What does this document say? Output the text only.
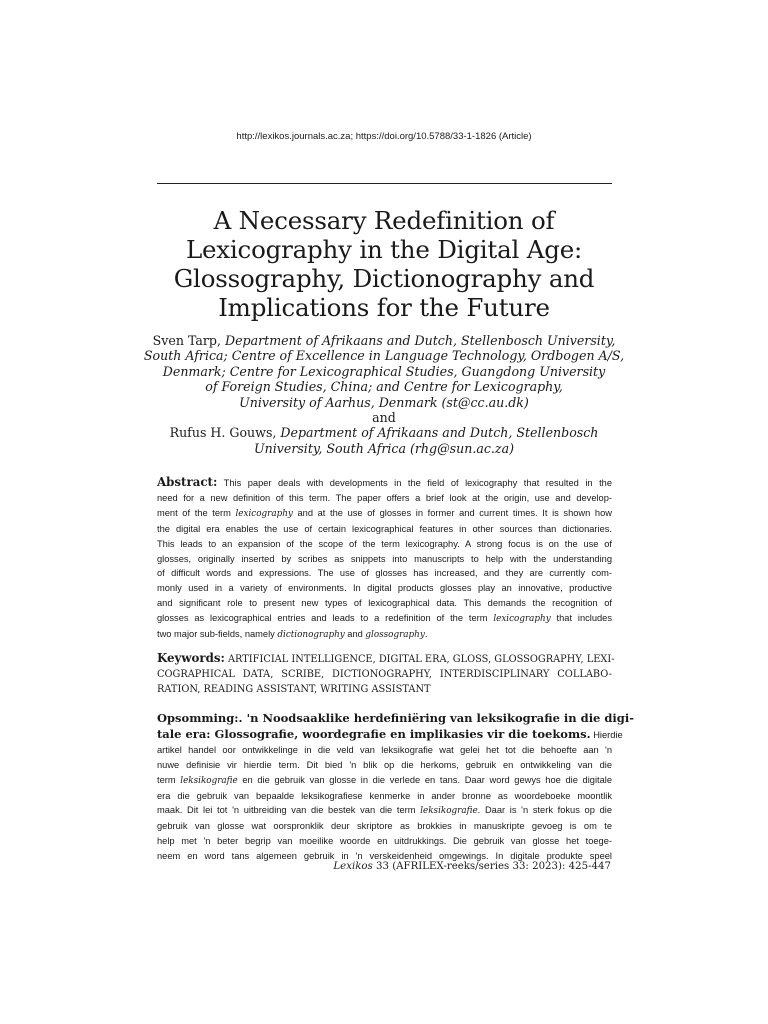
http://lexikos.journals.ac.za; https://doi.org/10.5788/33-1-1826 (Article)
A Necessary Redefinition of
Lexicography in the Digital Age:
Glossography, Dictionography and
Implications for the Future
Sven Tarp, Department of Afrikaans and Dutch, Stellenbosch University,
South Africa; Centre of Excellence in Language Technology, Ordbogen A/S,
Denmark; Centre for Lexicographical Studies, Guangdong University
of Foreign Studies, China; and Centre for Lexicography,
University of Aarhus, Denmark (st@cc.au.dk)
and
Rufus H. Gouws, Department of Afrikaans and Dutch, Stellenbosch
University, South Africa (rhg@sun.ac.za)
Abstract: This paper deals with developments in the field of lexicography that resulted in the
need for a new definition of this term. The paper offers a brief look at the origin, use and develop-
ment of the term lexicography and at the use of glosses in former and current times. It is shown how
the digital era enables the use of certain lexicographical features in other sources than dictionaries.
This leads to an expansion of the scope of the term lexicography. A strong focus is on the use of
glosses, originally inserted by scribes as snippets into manuscripts to help with the understanding
of difficult words and expressions. The use of glosses has increased, and they are currently com-
monly used in a variety of environments. In digital products glosses play an innovative, productive
and significant role to present new types of lexicographical data. This demands the recognition of
glosses as lexicographical entries and leads to a redefinition of the term lexicography that includes
two major sub-fields, namely dictionography and glossography.
Keywords: ARTIFICIAL INTELLIGENCE, DIGITAL ERA, GLOSS, GLOSSOGRAPHY, LEXI-
COGRAPHICAL DATA, SCRIBE, DICTIONOGRAPHY, INTERDISCIPLINARY COLLABO-
RATION, READING ASSISTANT, WRITING ASSISTANT
Opsomming:. 'n Noodsaaklike herdefiniëring van leksikografie in die digi-
tale era: Glossografie, woordegrafie en implikasies vir die toekoms. Hierdie
artikel handel oor ontwikkelinge in die veld van leksikografie wat gelei het tot die behoefte aan 'n
nuwe definisie vir hierdie term. Dit bied 'n blik op die herkoms, gebruik en ontwikkeling van die
term leksikografie en die gebruik van glosse in die verlede en tans. Daar word gewys hoe die digitale
era die gebruik van bepaalde leksikografiese kenmerke in ander bronne as woordeboeke moontlik
maak. Dit lei tot 'n uitbreiding van die bestek van die term leksikografie. Daar is 'n sterk fokus op die
gebruik van glosse wat oorspronklik deur skriptore as brokkies in manuskripte gevoeg is om te
help met 'n beter begrip van moeilike woorde en uitdrukkings. Die gebruik van glosse het toege-
neem en word tans algemeen gebruik in 'n verskeidenheid omgewings. In digitale produkte speel
Lexikos 33 (AFRILEX-reeks/series 33: 2023): 425-447
